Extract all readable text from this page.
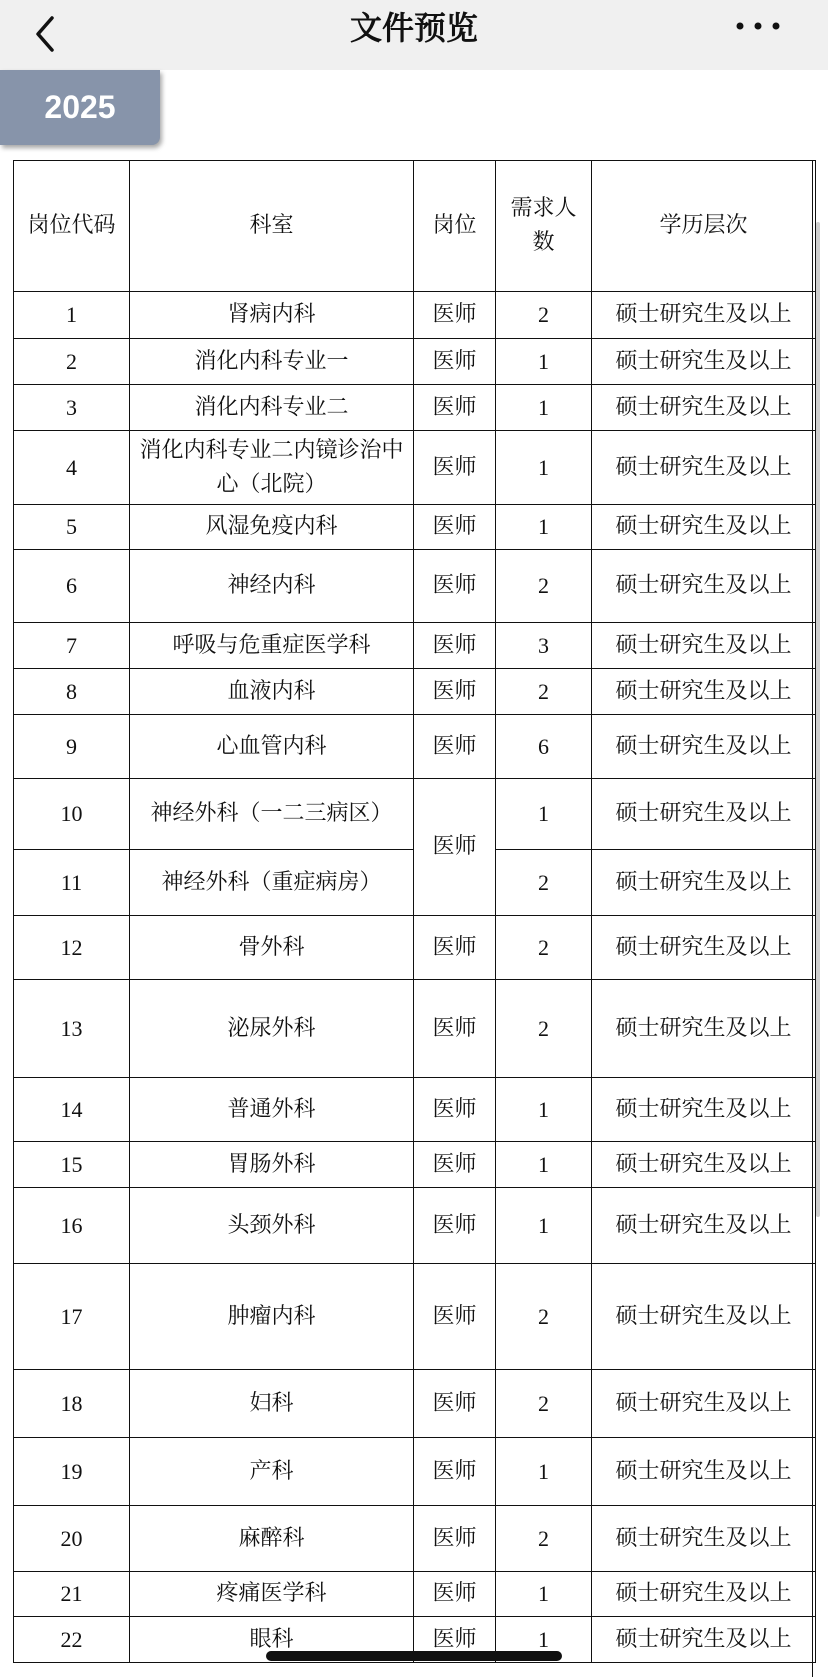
文件预览
2025
岗位代码	科室	岗位	需求人数	学历层次
1	肾病内科	医师	2	硕士研究生及以上
2	消化内科专业一	医师	1	硕士研究生及以上
3	消化内科专业二	医师	1	硕士研究生及以上
4	消化内科专业二内镜诊治中心（北院）	医师	1	硕士研究生及以上
5	风湿免疫内科	医师	1	硕士研究生及以上
6	神经内科	医师	2	硕士研究生及以上
7	呼吸与危重症医学科	医师	3	硕士研究生及以上
8	血液内科	医师	2	硕士研究生及以上
9	心血管内科	医师	6	硕士研究生及以上
10	神经外科（一二三病区）	医师	1	硕士研究生及以上
11	神经外科（重症病房）		2	硕士研究生及以上
12	骨外科	医师	2	硕士研究生及以上
13	泌尿外科	医师	2	硕士研究生及以上
14	普通外科	医师	1	硕士研究生及以上
15	胃肠外科	医师	1	硕士研究生及以上
16	头颈外科	医师	1	硕士研究生及以上
17	肿瘤内科	医师	2	硕士研究生及以上
18	妇科	医师	2	硕士研究生及以上
19	产科	医师	1	硕士研究生及以上
20	麻醉科	医师	2	硕士研究生及以上
21	疼痛医学科	医师	1	硕士研究生及以上
22	眼科	医师	1	硕士研究生及以上
